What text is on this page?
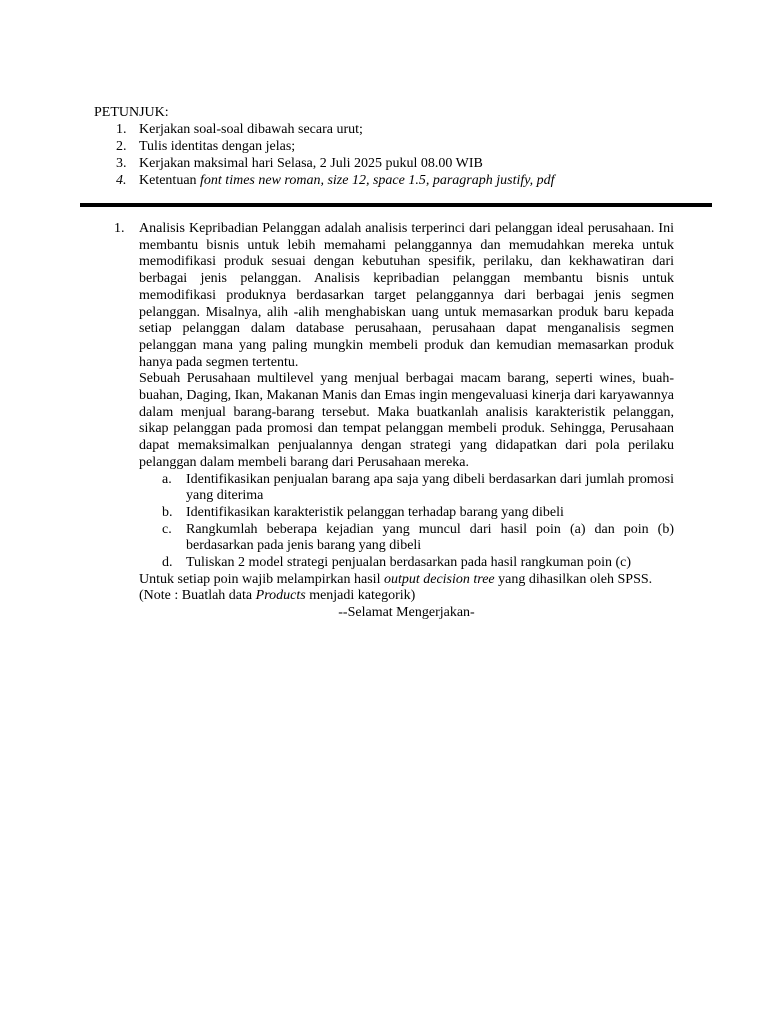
PETUNJUK:

1. Kerjakan soal-soal dibawah secara urut;
2. Tulis identitas dengan jelas;
3. Kerjakan maksimal hari Selasa, 2 Juli 2025 pukul 08.00 WIB
4. Ketentuan font times new roman, size 12, space 1.5, paragraph justify, pdf
1. Analisis Kepribadian Pelanggan adalah analisis terperinci dari pelanggan ideal perusahaan. Ini membantu bisnis untuk lebih memahami pelanggannya dan memudahkan mereka untuk memodifikasi produk sesuai dengan kebutuhan spesifik, perilaku, dan kekhawatiran dari berbagai jenis pelanggan. Analisis kepribadian pelanggan membantu bisnis untuk memodifikasi produknya berdasarkan target pelanggannya dari berbagai jenis segmen pelanggan. Misalnya, alih -alih menghabiskan uang untuk memasarkan produk baru kepada setiap pelanggan dalam database perusahaan, perusahaan dapat menganalisis segmen pelanggan mana yang paling mungkin membeli produk dan kemudian memasarkan produk hanya pada segmen tertentu.

Sebuah Perusahaan multilevel yang menjual berbagai macam barang, seperti wines, buah-buahan, Daging, Ikan, Makanan Manis dan Emas ingin mengevaluasi kinerja dari karyawannya dalam menjual barang-barang tersebut. Maka buatkanlah analisis karakteristik pelanggan, sikap pelanggan pada promosi dan tempat pelanggan membeli produk. Sehingga, Perusahaan dapat memaksimalkan penjualannya dengan strategi yang didapatkan dari pola perilaku pelanggan dalam membeli barang dari Perusahaan mereka.

a. Identifikasikan penjualan barang apa saja yang dibeli berdasarkan dari jumlah promosi yang diterima
b. Identifikasikan karakteristik pelanggan terhadap barang yang dibeli
c. Rangkumlah beberapa kejadian yang muncul dari hasil poin (a) dan poin (b) berdasarkan pada jenis barang yang dibeli
d. Tuliskan 2 model strategi penjualan berdasarkan pada hasil rangkuman poin (c)

Untuk setiap poin wajib melampirkan hasil output decision tree yang dihasilkan oleh SPSS.

(Note : Buatlah data Products menjadi kategorik)

--Selamat Mengerjakan-
